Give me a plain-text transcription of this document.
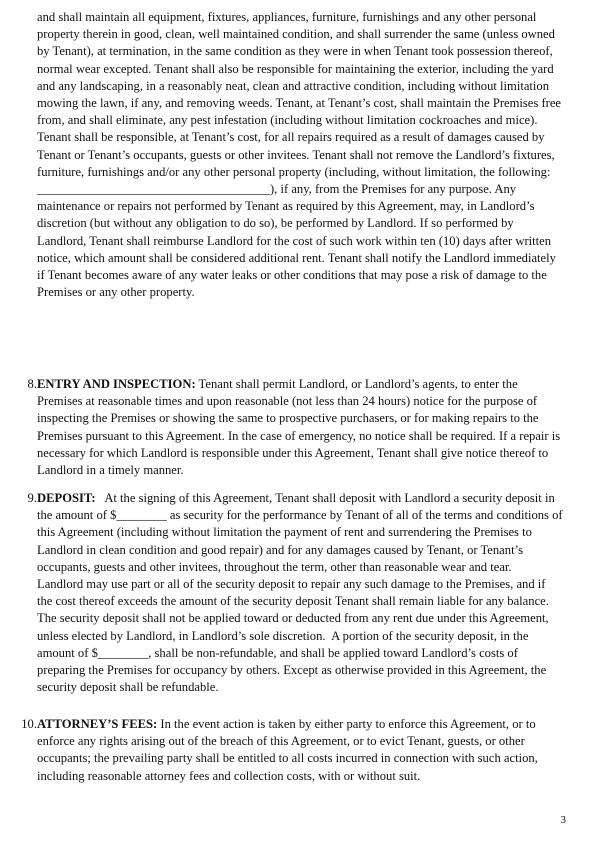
and shall maintain all equipment, fixtures, appliances, furniture, furnishings and any other personal property therein in good, clean, well maintained condition, and shall surrender the same (unless owned by Tenant), at termination, in the same condition as they were in when Tenant took possession thereof, normal wear excepted. Tenant shall also be responsible for maintaining the exterior, including the yard and any landscaping, in a reasonably neat, clean and attractive condition, including without limitation mowing the lawn, if any, and removing weeds. Tenant, at Tenant’s cost, shall maintain the Premises free from, and shall eliminate, any pest infestation (including without limitation cockroaches and mice). Tenant shall be responsible, at Tenant’s cost, for all repairs required as a result of damages caused by Tenant or Tenant’s occupants, guests or other invitees. Tenant shall not remove the Landlord’s fixtures, furniture, furnishings and/or any other personal property (including, without limitation, the following: _____________________________________), if any, from the Premises for any purpose. Any maintenance or repairs not performed by Tenant as required by this Agreement, may, in Landlord’s discretion (but without any obligation to do so), be performed by Landlord. If so performed by Landlord, Tenant shall reimburse Landlord for the cost of such work within ten (10) days after written notice, which amount shall be considered additional rent. Tenant shall notify the Landlord immediately if Tenant becomes aware of any water leaks or other conditions that may pose a risk of damage to the Premises or any other property.

8. ENTRY AND INSPECTION: Tenant shall permit Landlord, or Landlord’s agents, to enter the Premises at reasonable times and upon reasonable (not less than 24 hours) notice for the purpose of inspecting the Premises or showing the same to prospective purchasers, or for making repairs to the Premises pursuant to this Agreement. In the case of emergency, no notice shall be required. If a repair is necessary for which Landlord is responsible under this Agreement, Tenant shall give notice thereof to Landlord in a timely manner.

9. DEPOSIT:   At the signing of this Agreement, Tenant shall deposit with Landlord a security deposit in the amount of $________ as security for the performance by Tenant of all of the terms and conditions of this Agreement (including without limitation the payment of rent and surrendering the Premises to Landlord in clean condition and good repair) and for any damages caused by Tenant, or Tenant’s occupants, guests and other invitees, throughout the term, other than reasonable wear and tear.  Landlord may use part or all of the security deposit to repair any such damage to the Premises, and if the cost thereof exceeds the amount of the security deposit Tenant shall remain liable for any balance.  The security deposit shall not be applied toward or deducted from any rent due under this Agreement, unless elected by Landlord, in Landlord’s sole discretion.  A portion of the security deposit, in the amount of $________, shall be non-refundable, and shall be applied toward Landlord’s costs of preparing the Premises for occupancy by others. Except as otherwise provided in this Agreement, the security deposit shall be refundable.

10. ATTORNEY’S FEES: In the event action is taken by either party to enforce this Agreement, or to enforce any rights arising out of the breach of this Agreement, or to evict Tenant, guests, or other occupants; the prevailing party shall be entitled to all costs incurred in connection with such action, including reasonable attorney fees and collection costs, with or without suit.

3
